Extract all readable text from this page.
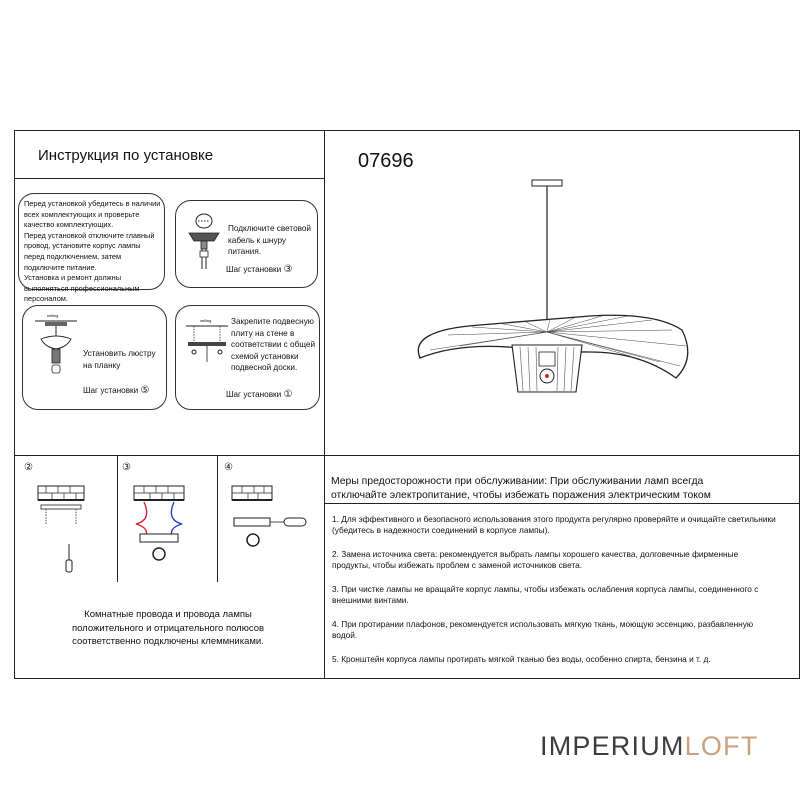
Инструкция по установке	07696
Перед установкой убедитесь в наличии всех комплектующих и проверьте качество комплектующих.
Перед установкой отключите главный провод, установите корпус лампы перед подключением, затем подключите питание.
Установка и ремонт должны выполняться профессиональным персоналом.
Подключите световой кабель к шнуру питания.
Шаг установки ③
ceiling
Установить люстру на планку
Шаг установки ⑤
ceiling Закрепите подвесную плиту на стене в соответствии с общей схемой установки подвесной доски.
Шаг установки ①
②	③	④
Комнатные провода и провода лампы положительного и отрицательного полюсов соответственно подключены клеммниками.
Меры предосторожности при обслуживании: При обслуживании ламп всегда отключайте электропитание, чтобы избежать поражения электрическим током

1. Для эффективного и безопасного использования этого продукта регулярно проверяйте и очищайте светильники (убедитесь в надежности соединений в корпусе лампы).

2. Замена источника света: рекомендуется выбрать лампы хорошего качества, долговечные фирменные продукты, чтобы избежать проблем с заменой источников света.

3. При чистке лампы не вращайте корпус лампы, чтобы избежать ослабления корпуса лампы, соединенного с внешними винтами.

4. При протирании плафонов, рекомендуется использовать мягкую ткань, моющую эссенцию, разбавленную водой.

5. Кронштейн корпуса лампы протирать мягкой тканью без воды, особенно спирта, бензина и т. д.

IMPERIUMLOFT
